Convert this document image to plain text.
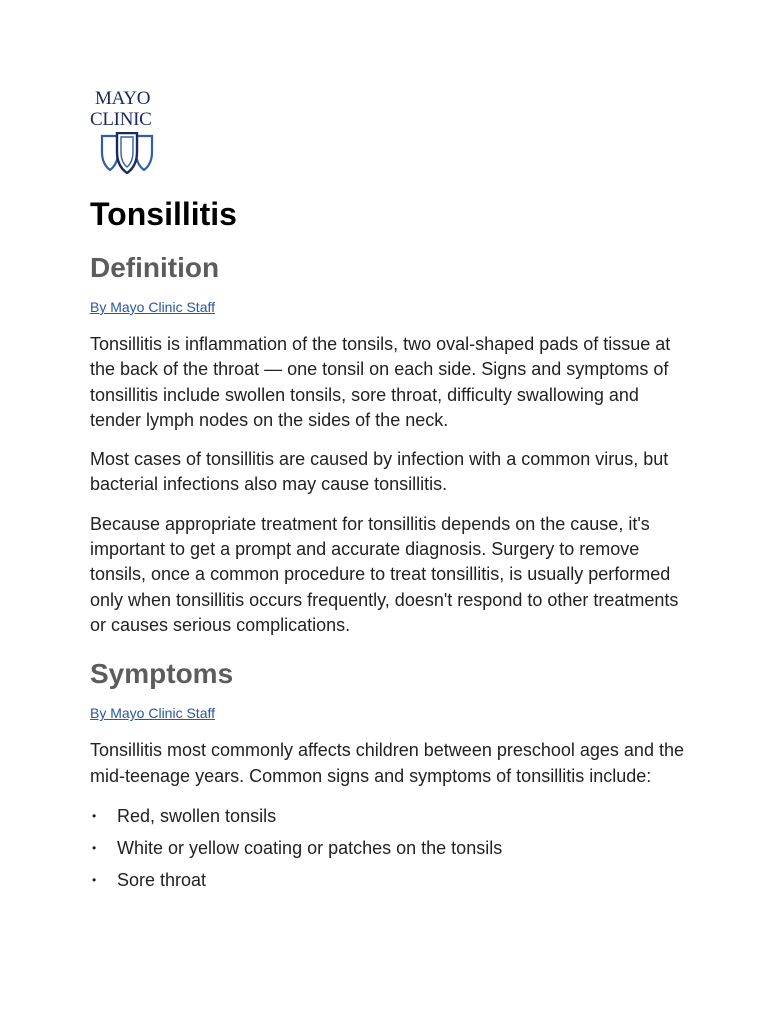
MAYO
CLINIC
Tonsillitis
Definition
By Mayo Clinic Staff

Tonsillitis is inflammation of the tonsils, two oval-shaped pads of tissue at the back of the throat — one tonsil on each side. Signs and symptoms of tonsillitis include swollen tonsils, sore throat, difficulty swallowing and tender lymph nodes on the sides of the neck.

Most cases of tonsillitis are caused by infection with a common virus, but bacterial infections also may cause tonsillitis.

Because appropriate treatment for tonsillitis depends on the cause, it's important to get a prompt and accurate diagnosis. Surgery to remove tonsils, once a common procedure to treat tonsillitis, is usually performed only when tonsillitis occurs frequently, doesn't respond to other treatments or causes serious complications.

Symptoms
By Mayo Clinic Staff

Tonsillitis most commonly affects children between preschool ages and the mid-teenage years. Common signs and symptoms of tonsillitis include:

• Red, swollen tonsils
• White or yellow coating or patches on the tonsils
• Sore throat
